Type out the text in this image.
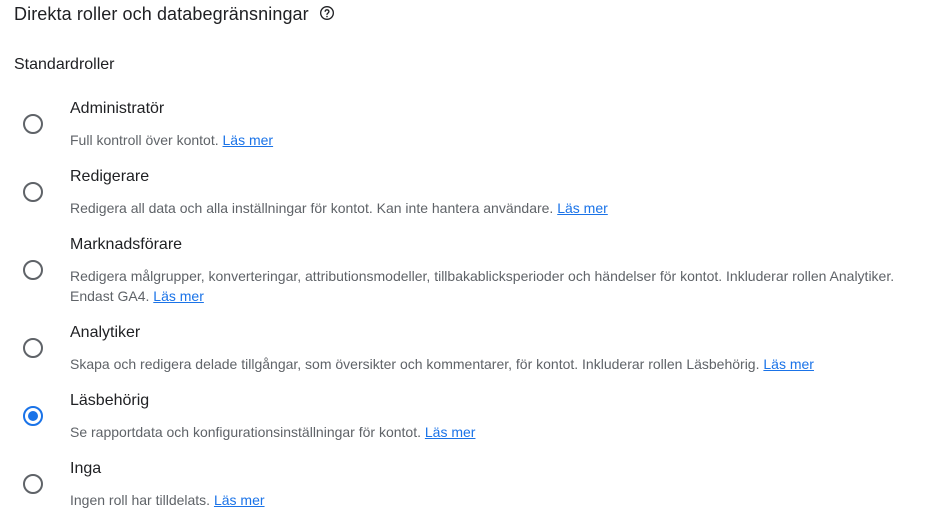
Direkta roller och databegränsningar
Standardroller
Administratör
Full kontroll över kontot. Läs mer
Redigerare
Redigera all data och alla inställningar för kontot. Kan inte hantera användare. Läs mer
Marknadsförare
Redigera målgrupper, konverteringar, attributionsmodeller, tillbakablicksperioder och händelser för kontot. Inkluderar rollen Analytiker. Endast GA4. Läs mer
Analytiker
Skapa och redigera delade tillgångar, som översikter och kommentarer, för kontot. Inkluderar rollen Läsbehörig. Läs mer
Läsbehörig
Se rapportdata och konfigurationsinställningar för kontot. Läs mer
Inga
Ingen roll har tilldelats. Läs mer
